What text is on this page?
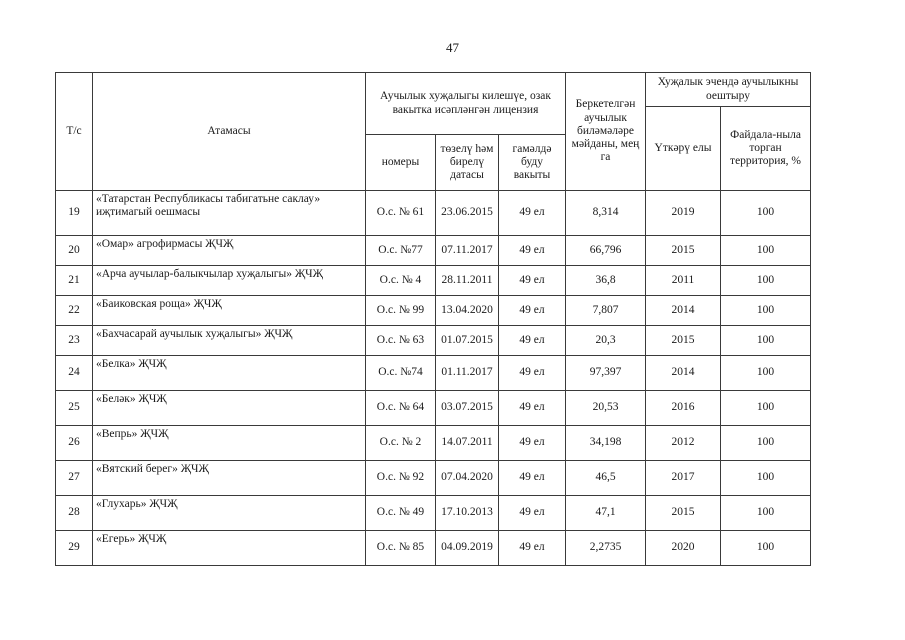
47
Т/с	Атамасы	Аучылык хуҗалыгы килешүе, озак вакытка исәпләнгән лицензия			Беркетелгән аучылык биләмәләре мәйданы, мең га	Хуҗалык эчендә аучылыкны оештыру	
						Үткәрү елы	Файдала-ныла торган территория, %
		номеры	төзелү һәм бирелү датасы	гамәлдә буду вакыты			
19	«Татарстан Республикасы табигатьне саклау» иҗтимагый оешмасы	О.с. № 61	23.06.2015	49 ел	8,314	2019	100
20	«Омар» агрофирмасы ҖЧҖ	О.с. №77	07.11.2017	49 ел	66,796	2015	100
21	«Арча аучылар-балыкчылар хуҗалыгы» ҖЧҖ	О.с. № 4	28.11.2011	49 ел	36,8	2011	100
22	«Баиковская роща» ҖЧҖ	О.с. № 99	13.04.2020	49 ел	7,807	2014	100
23	«Бахчасарай аучылык хуҗалыгы» ҖЧҖ	О.с. № 63	01.07.2015	49 ел	20,3	2015	100
24	«Белка» ҖЧҖ	О.с. №74	01.11.2017	49 ел	97,397	2014	100
25	«Беләк» ҖЧҖ	О.с. № 64	03.07.2015	49 ел	20,53	2016	100
26	«Вепрь» ҖЧҖ	О.с. № 2	14.07.2011	49 ел	34,198	2012	100
27	«Вятский берег» ҖЧҖ	О.с. № 92	07.04.2020	49 ел	46,5	2017	100
28	«Глухарь» ҖЧҖ	О.с. № 49	17.10.2013	49 ел	47,1	2015	100
29	«Егерь» ҖЧҖ	О.с. № 85	04.09.2019	49 ел	2,2735	2020	100
